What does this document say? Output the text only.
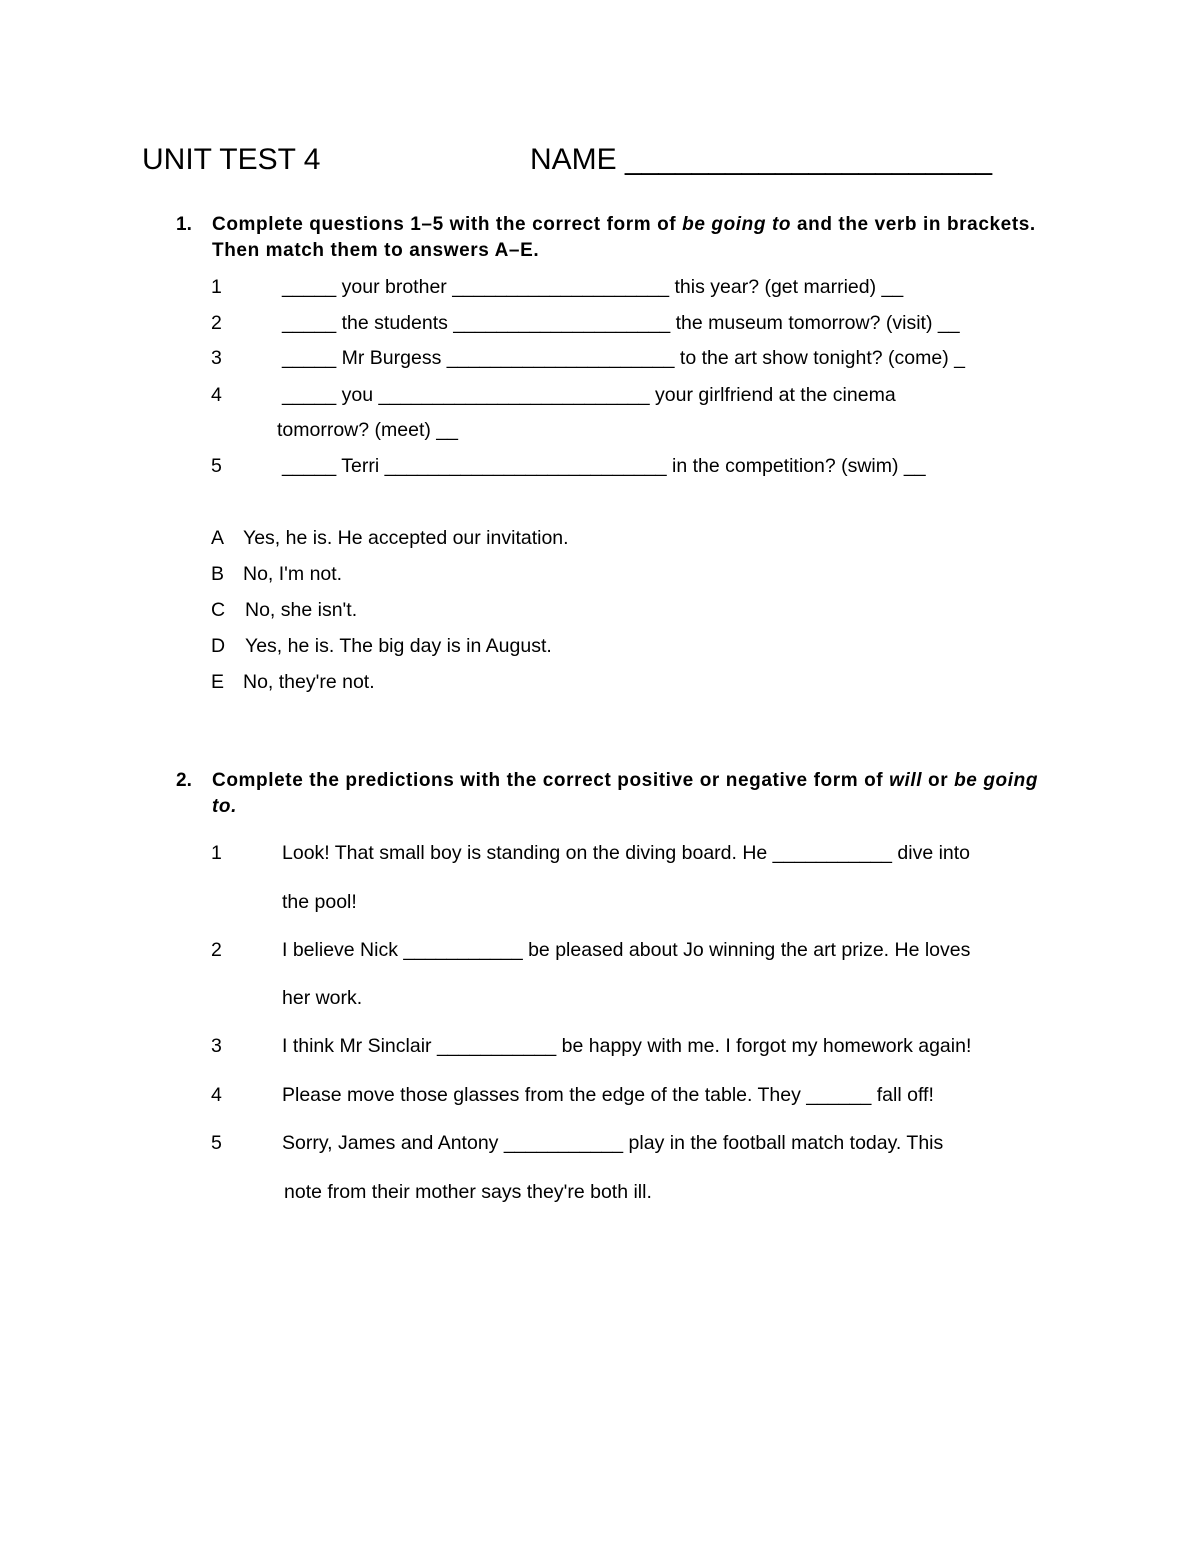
UNIT TEST 4	NAME ______________________
1. Complete questions 1–5 with the correct form of be going to and the verb in brackets. Then match them to answers A–E.
1	_____ your brother ____________________ this year? (get married) __
2	_____ the students ____________________ the museum tomorrow? (visit) __
3	_____ Mr Burgess _____________________ to the art show tonight? (come) _
4	_____ you _________________________ your girlfriend at the cinema
tomorrow? (meet) __
5	_____ Terri __________________________ in the competition? (swim) __
A Yes, he is. He accepted our invitation.
B No, I'm not.
C No, she isn't.
D Yes, he is. The big day is in August.
E No, they're not.
2. Complete the predictions with the correct positive or negative form of will or be going to.
1	Look! That small boy is standing on the diving board. He ___________ dive into
the pool!
2	I believe Nick ___________ be pleased about Jo winning the art prize. He loves
her work.
3	I think Mr Sinclair ___________ be happy with me. I forgot my homework again!
4	Please move those glasses from the edge of the table. They ______ fall off!
5	Sorry, James and Antony ___________ play in the football match today. This
note from their mother says they're both ill.
